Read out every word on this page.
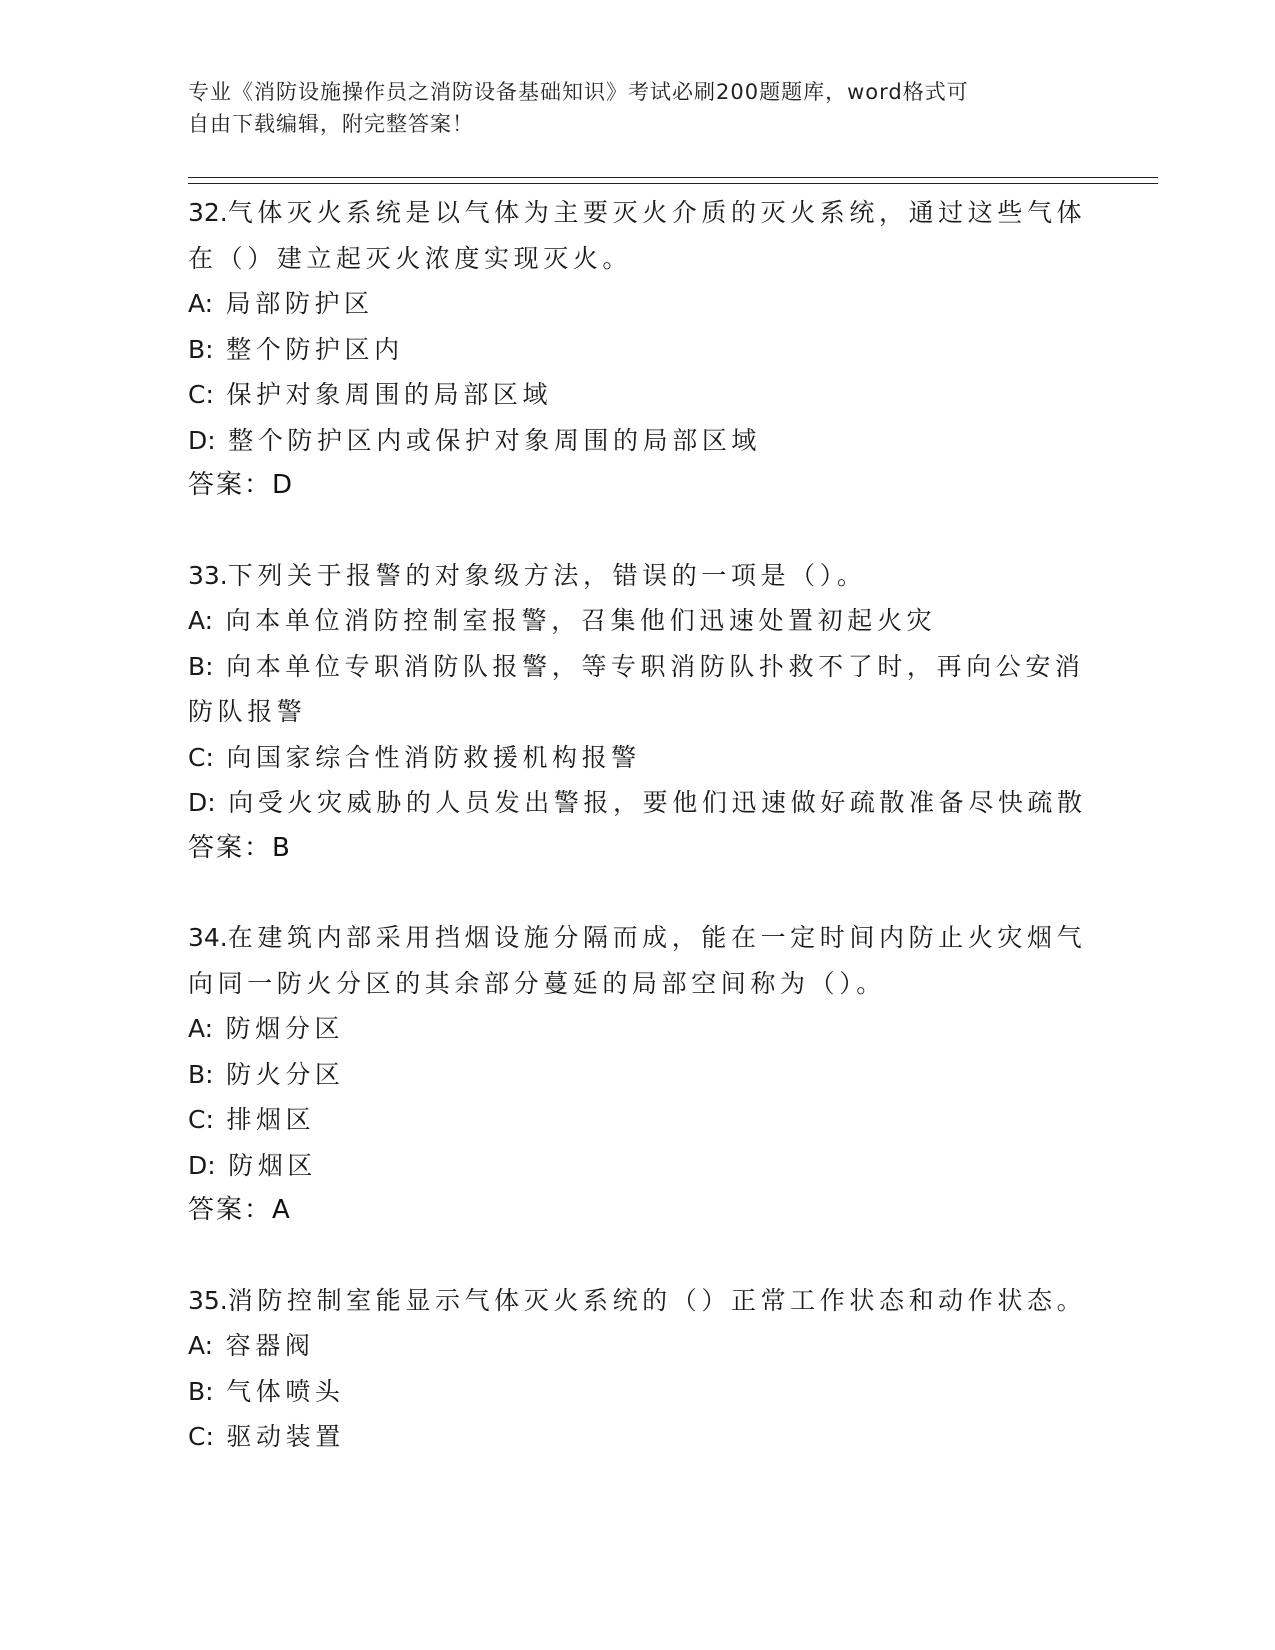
专业《消防设施操作员之消防设备基础知识》考试必刷200题题库，word格式可
自由下载编辑，附完整答案！
32.气体灭火系统是以气体为主要灭火介质的灭火系统，通过这些气体在（）建立起灭火浓度实现灭火。
A: 局部防护区
B: 整个防护区内
C: 保护对象周围的局部区域
D: 整个防护区内或保护对象周围的局部区域
答案：D
33.下列关于报警的对象级方法，错误的一项是（）。
A: 向本单位消防控制室报警，召集他们迅速处置初起火灾
B: 向本单位专职消防队报警，等专职消防队扑救不了时，再向公安消防队报警
C: 向国家综合性消防救援机构报警
D: 向受火灾威胁的人员发出警报，要他们迅速做好疏散准备尽快疏散
答案：B
34.在建筑内部采用挡烟设施分隔而成，能在一定时间内防止火灾烟气向同一防火分区的其余部分蔓延的局部空间称为（）。
A: 防烟分区
B: 防火分区
C: 排烟区
D: 防烟区
答案：A
35.消防控制室能显示气体灭火系统的（）正常工作状态和动作状态。
A: 容器阀
B: 气体喷头
C: 驱动装置
